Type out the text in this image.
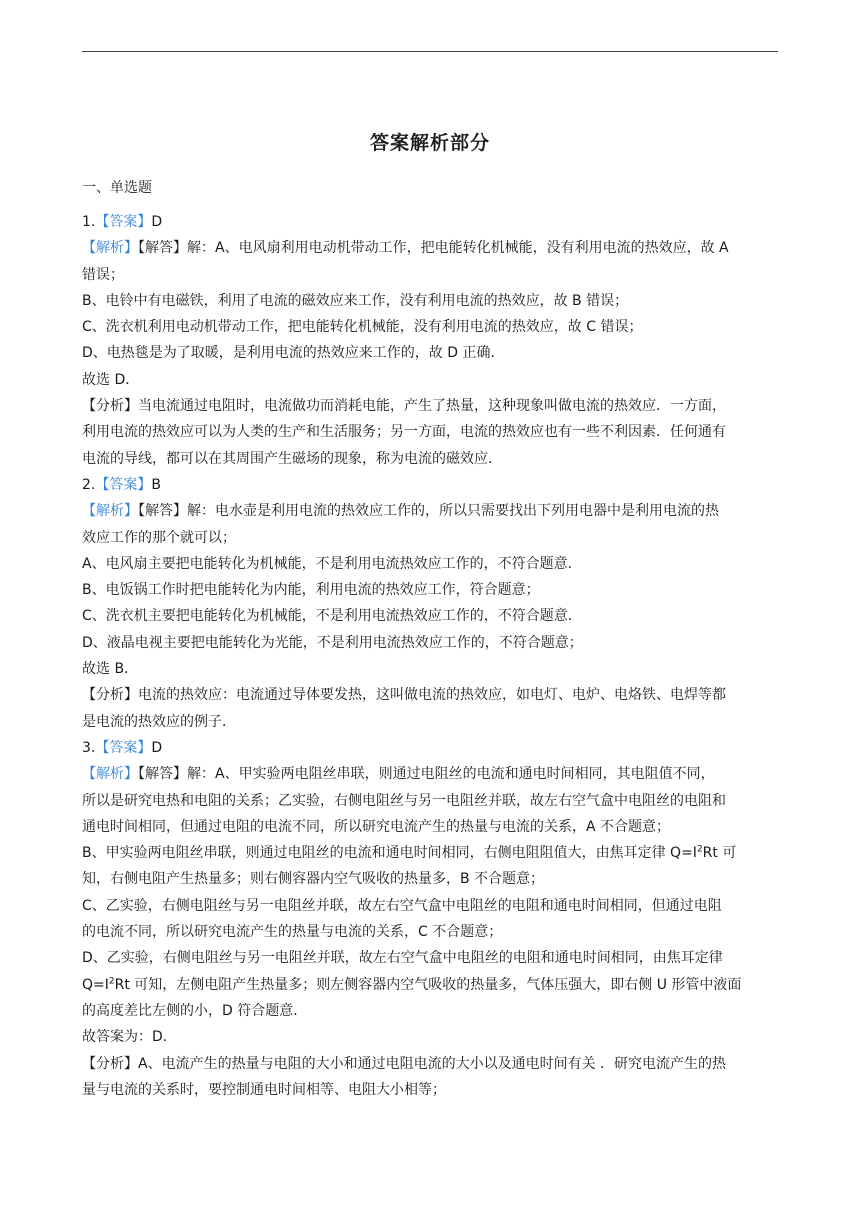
答案解析部分
一、单选题

1.【答案】D

【解析】【解答】解：A、电风扇利用电动机带动工作，把电能转化机械能，没有利用电流的热效应，故 A

错误；

B、电铃中有电磁铁，利用了电流的磁效应来工作，没有利用电流的热效应，故 B 错误；

C、洗衣机利用电动机带动工作，把电能转化机械能，没有利用电流的热效应，故 C 错误；

D、电热毯是为了取暖，是利用电流的热效应来工作的，故 D 正确．

故选 D．

【分析】当电流通过电阻时，电流做功而消耗电能，产生了热量，这种现象叫做电流的热效应．一方面，

利用电流的热效应可以为人类的生产和生活服务；另一方面，电流的热效应也有一些不利因素．任何通有

电流的导线，都可以在其周围产生磁场的现象，称为电流的磁效应．

2.【答案】B

【解析】【解答】解：电水壶是利用电流的热效应工作的，所以只需要找出下列用电器中是利用电流的热

效应工作的那个就可以；

A、电风扇主要把电能转化为机械能，不是利用电流热效应工作的，不符合题意．

B、电饭锅工作时把电能转化为内能，利用电流的热效应工作，符合题意；

C、洗衣机主要把电能转化为机械能，不是利用电流热效应工作的，不符合题意．

D、液晶电视主要把电能转化为光能，不是利用电流热效应工作的，不符合题意；

故选 B．

【分析】电流的热效应：电流通过导体要发热，这叫做电流的热效应，如电灯、电炉、电烙铁、电焊等都

是电流的热效应的例子．

3.【答案】D

【解析】【解答】解：A、甲实验两电阻丝串联，则通过电阻丝的电流和通电时间相同，其电阻值不同，

所以是研究电热和电阻的关系；乙实验，右侧电阻丝与另一电阻丝并联，故左右空气盒中电阻丝的电阻和

通电时间相同，但通过电阻的电流不同，所以研究电流产生的热量与电流的关系，A 不合题意；

B、甲实验两电阻丝串联，则通过电阻丝的电流和通电时间相同，右侧电阻阻值大，由焦耳定律 $Q=I^2Rt$ 可

知，右侧电阻产生热量多；则右侧容器内空气吸收的热量多，B 不合题意；

C、乙实验，右侧电阻丝与另一电阻丝并联，故左右空气盒中电阻丝的电阻和通电时间相同，但通过电阻

的电流不同，所以研究电流产生的热量与电流的关系，C 不合题意；

D、乙实验，右侧电阻丝与另一电阻丝并联，故左右空气盒中电阻丝的电阻和通电时间相同，由焦耳定律

$Q=I^2Rt$ 可知，左侧电阻产生热量多；则左侧容器内空气吸收的热量多，气体压强大，即右侧 U 形管中液面

的高度差比左侧的小，D 符合题意．

故答案为：D．

【分析】A、电流产生的热量与电阻的大小和通过电阻电流的大小以及通电时间有关 ．研究电流产生的热

量与电流的关系时，要控制通电时间相等、电阻大小相等；
